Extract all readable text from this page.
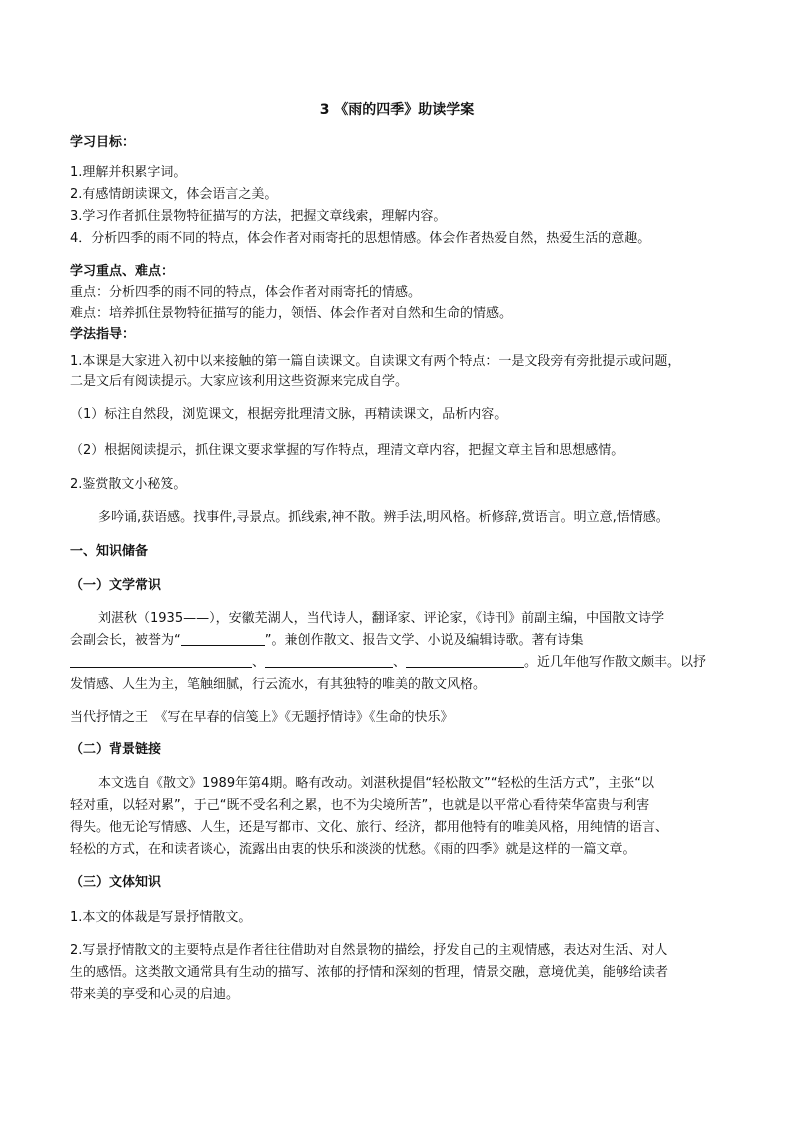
3 《雨的四季》助读学案
学习目标：
1.理解并积累字词。
2.有感情朗读课文，体会语言之美。
3.学习作者抓住景物特征描写的方法，把握文章线索，理解内容。
4．分析四季的雨不同的特点，体会作者对雨寄托的思想情感。体会作者热爱自然，热爱生活的意趣。
学习重点、难点：
重点：分析四季的雨不同的特点，体会作者对雨寄托的情感。
难点：培养抓住景物特征描写的能力，领悟、体会作者对自然和生命的情感。
学法指导：
1.本课是大家进入初中以来接触的第一篇自读课文。自读课文有两个特点：一是文段旁有旁批提示或问题，
二是文后有阅读提示。大家应该利用这些资源来完成自学。
（1）标注自然段，浏览课文，根据旁批理清文脉，再精读课文，品析内容。
（2）根据阅读提示，抓住课文要求掌握的写作特点，理清文章内容，把握文章主旨和思想感情。
2.鉴赏散文小秘笈。
多吟诵,获语感。找事件,寻景点。抓线索,神不散。辨手法,明风格。析修辞,赏语言。明立意,悟情感。
一、知识储备
（一）文学常识
刘湛秋（1935——），安徽芜湖人，当代诗人，翻译家、评论家，《诗刊》前副主编，中国散文诗学
会副会长，被誉为“	”。兼创作散文、报告文学、小说及编辑诗歌。著有诗集
、	、	。近几年他写作散文颇丰。以抒
发情感、人生为主，笔触细腻，行云流水，有其独特的唯美的散文风格。
当代抒情之王　《写在早春的信笺上》《无题抒情诗》《生命的快乐》
（二）背景链接
本文选自《散文》1989年第4期。略有改动。刘湛秋提倡“轻松散文”“轻松的生活方式”，主张“以
轻对重，以轻对累”，于己“既不受名利之累，也不为尖境所苦”，也就是以平常心看待荣华富贵与利害
得失。他无论写情感、人生，还是写都市、文化、旅行、经济，都用他特有的唯美风格，用纯情的语言、
轻松的方式，在和读者谈心，流露出由衷的快乐和淡淡的忧愁。《雨的四季》就是这样的一篇文章。
（三）文体知识
1.本文的体裁是写景抒情散文。
2.写景抒情散文的主要特点是作者往往借助对自然景物的描绘，抒发自己的主观情感，表达对生活、对人
生的感悟。这类散文通常具有生动的描写、浓郁的抒情和深刻的哲理，情景交融，意境优美，能够给读者
带来美的享受和心灵的启迪。
